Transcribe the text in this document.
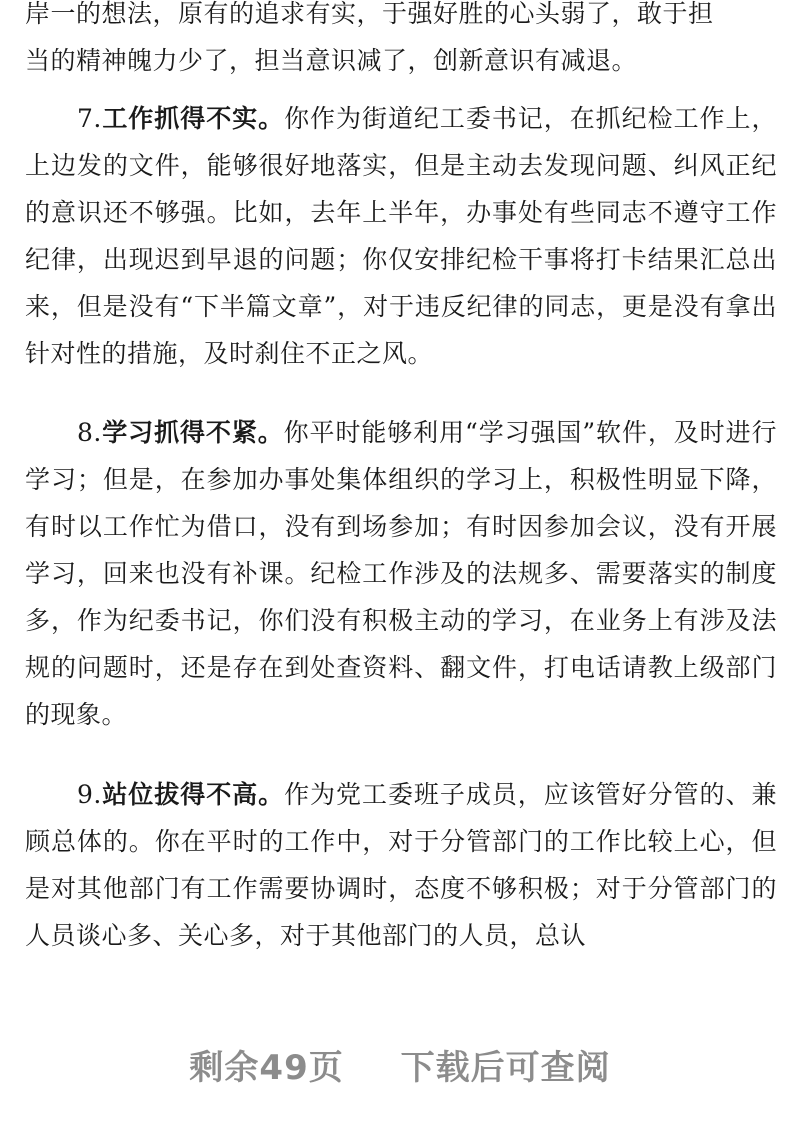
岸一的想法，原有的追求有实，于强好胜的心头弱了，敢于担
当的精神魄力少了，担当意识减了，创新意识有减退。

7.工作抓得不实。你作为街道纪工委书记，在抓纪检工作上，上边发的文件，能够很好地落实，但是主动去发现问题、纠风正纪的意识还不够强。比如，去年上半年，办事处有些同志不遵守工作纪律，出现迟到早退的问题；你仅安排纪检干事将打卡结果汇总出来，但是没有“下半篇文章”，对于违反纪律的同志，更是没有拿出针对性的措施，及时刹住不正之风。

8.学习抓得不紧。你平时能够利用“学习强国”软件，及时进行学习；但是，在参加办事处集体组织的学习上，积极性明显下降，有时以工作忙为借口，没有到场参加；有时因参加会议，没有开展学习，回来也没有补课。纪检工作涉及的法规多、需要落实的制度多，作为纪委书记，你们没有积极主动的学习，在业务上有涉及法规的问题时，还是存在到处查资料、翻文件，打电话请教上级部门的现象。

9.站位拔得不高。作为党工委班子成员，应该管好分管的、兼顾总体的。你在平时的工作中，对于分管部门的工作比较上心，但是对其他部门有工作需要协调时，态度不够积极；对于分管部门的人员谈心多、关心多，对于其他部门的人员，总认

剩余49页 下载后可查阅
